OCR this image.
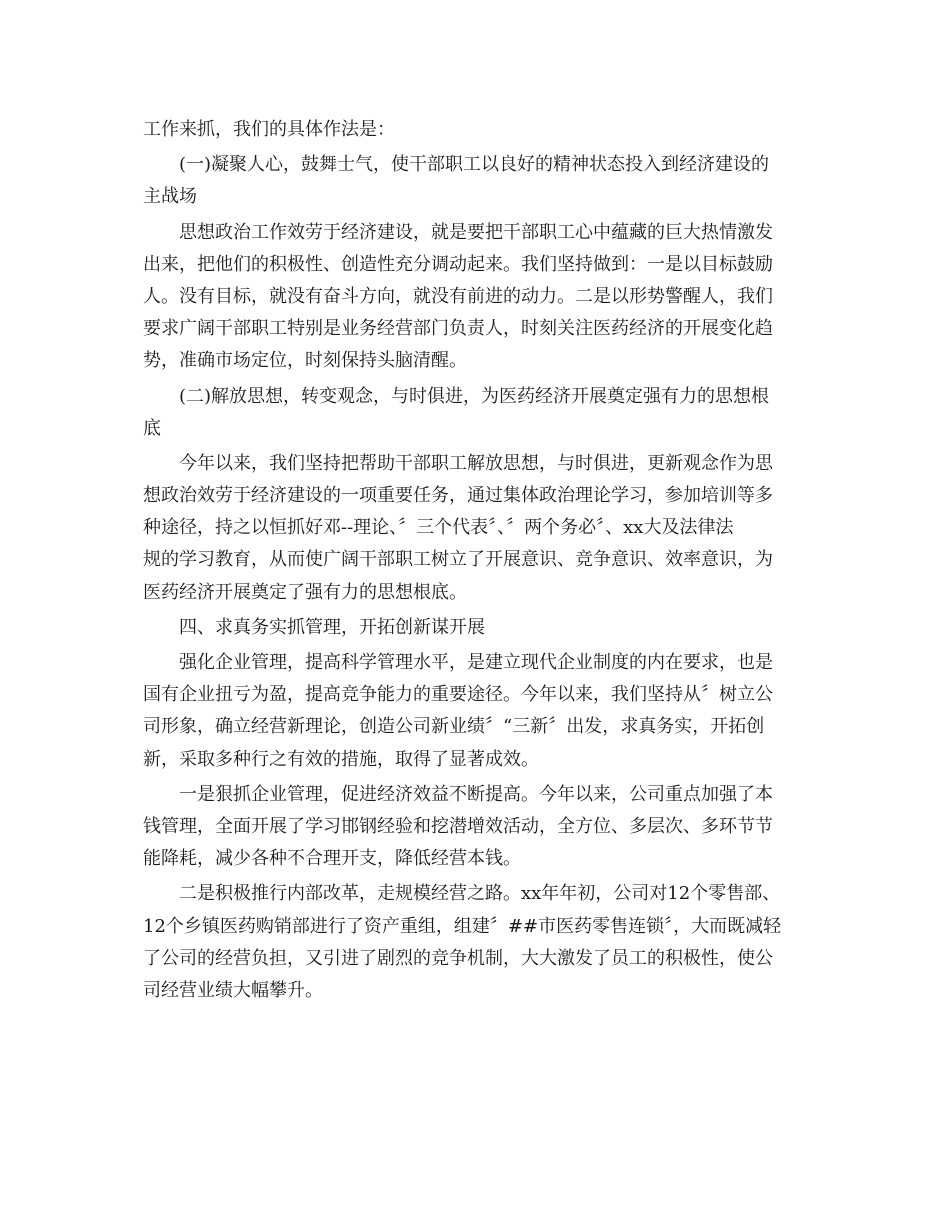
工作来抓，我们的具体作法是：
(一)凝聚人心，鼓舞士气，使干部职工以良好的精神状态投入到经济建设的
主战场
思想政治工作效劳于经济建设，就是要把干部职工心中蕴藏的巨大热情激发
出来，把他们的积极性、创造性充分调动起来。我们坚持做到：一是以目标鼓励
人。没有目标，就没有奋斗方向，就没有前进的动力。二是以形势警醒人，我们
要求广阔干部职工特别是业务经营部门负责人，时刻关注医药经济的开展变化趋
势，准确市场定位，时刻保持头脑清醒。
(二)解放思想，转变观念，与时俱进，为医药经济开展奠定强有力的思想根
底
今年以来，我们坚持把帮助干部职工解放思想，与时俱进，更新观念作为思
想政治效劳于经济建设的一项重要任务，通过集体政治理论学习，参加培训等多
种途径，持之以恒抓好邓--理论、〞三个代表〞、〞两个务必〞、xx大及法律法
规的学习教育，从而使广阔干部职工树立了开展意识、竞争意识、效率意识，为
医药经济开展奠定了强有力的思想根底。
四、求真务实抓管理，开拓创新谋开展
强化企业管理，提高科学管理水平，是建立现代企业制度的内在要求，也是
国有企业扭亏为盈，提高竞争能力的重要途径。今年以来，我们坚持从〞树立公
司形象，确立经营新理论，创造公司新业绩〞“三新〞出发，求真务实，开拓创
新，采取多种行之有效的措施，取得了显著成效。
一是狠抓企业管理，促进经济效益不断提高。今年以来，公司重点加强了本
钱管理，全面开展了学习邯钢经验和挖潜增效活动，全方位、多层次、多环节节
能降耗，减少各种不合理开支，降低经营本钱。
二是积极推行内部改革，走规模经营之路。xx年年初，公司对12个零售部、
12个乡镇医药购销部进行了资产重组，组建〞##市医药零售连锁〞，大而既减轻
了公司的经营负担，又引进了剧烈的竞争机制，大大激发了员工的积极性，使公
司经营业绩大幅攀升。
